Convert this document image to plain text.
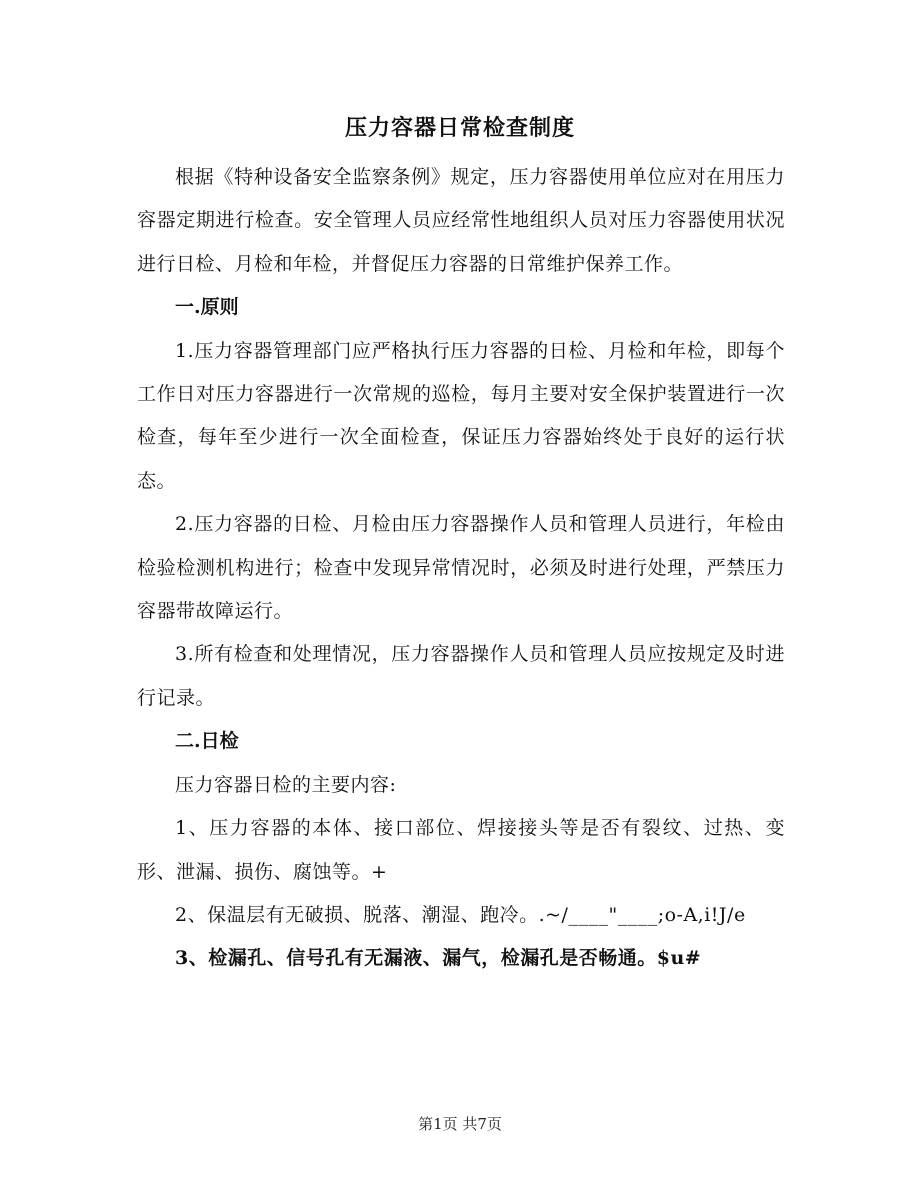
压力容器日常检查制度

根据《特种设备安全监察条例》规定，压力容器使用单位应对在用压力容器定期进行检查。安全管理人员应经常性地组织人员对压力容器使用状况进行日检、月检和年检，并督促压力容器的日常维护保养工作。

一.原则

1.压力容器管理部门应严格执行压力容器的日检、月检和年检，即每个工作日对压力容器进行一次常规的巡检，每月主要对安全保护装置进行一次检查，每年至少进行一次全面检查，保证压力容器始终处于良好的运行状态。

2.压力容器的日检、月检由压力容器操作人员和管理人员进行，年检由检验检测机构进行；检查中发现异常情况时，必须及时进行处理，严禁压力容器带故障运行。

3.所有检查和处理情况，压力容器操作人员和管理人员应按规定及时进行记录。

二.日检

压力容器日检的主要内容:

1、压力容器的本体、接口部位、焊接接头等是否有裂纹、过热、变形、泄漏、损伤、腐蚀等。+

2、保温层有无破损、脱落、潮湿、跑冷。.~/____"____;o-A,i!J/e

3、检漏孔、信号孔有无漏液、漏气，检漏孔是否畅通。$u#

第1页 共7页
